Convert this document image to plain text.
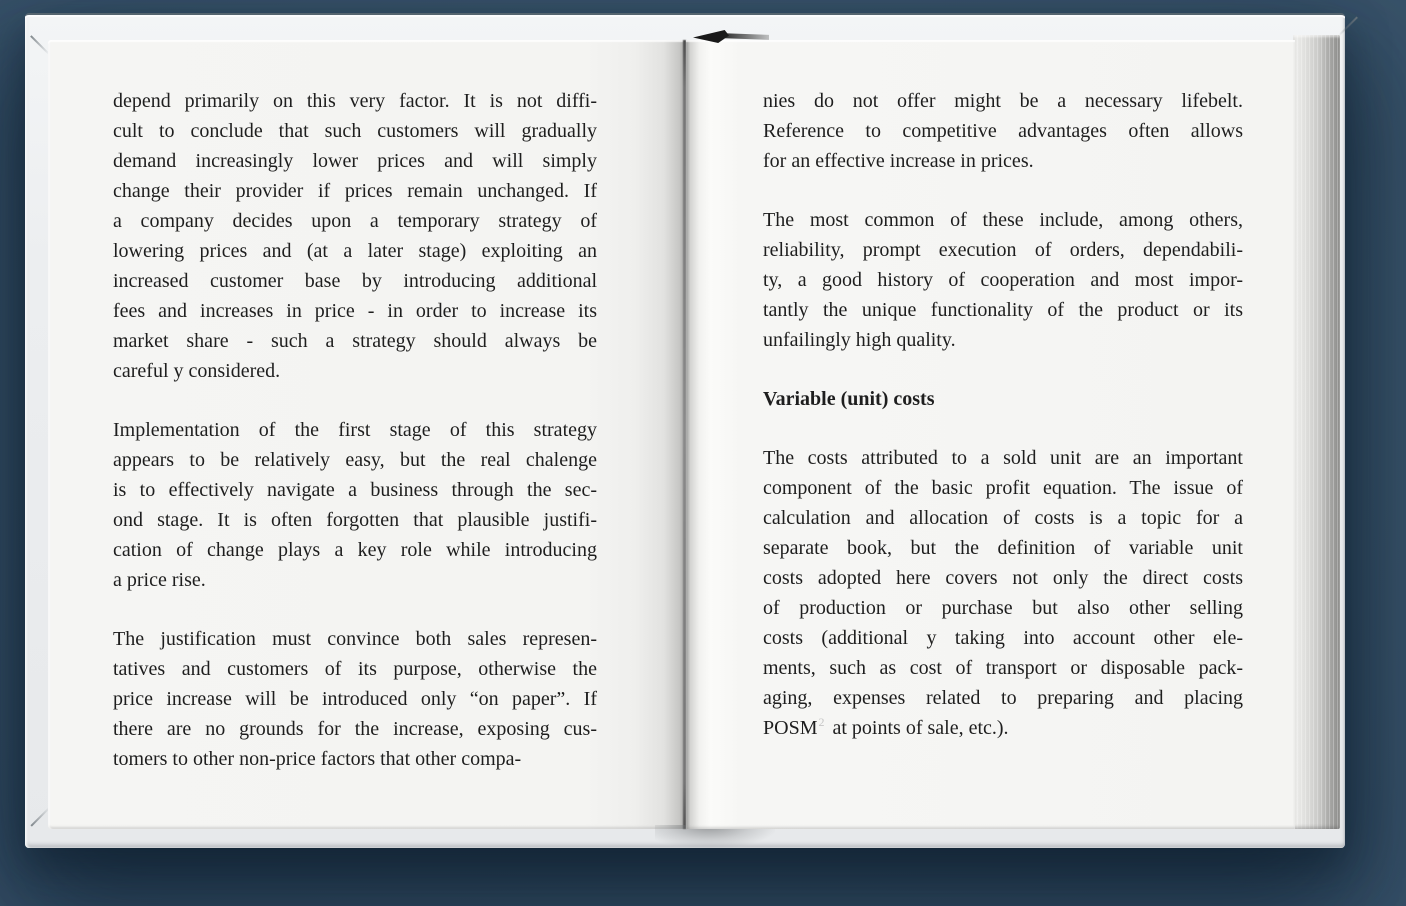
depend primarily on this very factor. It is not diffi-
cult to conclude that such customers will gradually
demand increasingly lower prices and will simply
change their provider if prices remain unchanged. If
a company decides upon a temporary strategy of
lowering prices and (at a later stage) exploiting an
increased customer base by introducing additional
fees and increases in price - in order to increase its
market share - such a strategy should always be
careful y considered.
Implementation of the first stage of this strategy
appears to be relatively easy, but the real chalenge
is to effectively navigate a business through the sec-
ond stage. It is often forgotten that plausible justifi-
cation of change plays a key role while introducing
a price rise.
The justification must convince both sales represen-
tatives and customers of its purpose, otherwise the
price increase will be introduced only “on paper”. If
there are no grounds for the increase, exposing cus-
tomers to other non-price factors that other compa-
nies do not offer might be a necessary lifebelt.
Reference to competitive advantages often allows
for an effective increase in prices.
The most common of these include, among others,
reliability, prompt execution of orders, dependabili-
ty, a good history of cooperation and most impor-
tantly the unique functionality of the product or its
unfailingly high quality.
Variable (unit) costs
The costs attributed to a sold unit are an important
component of the basic profit equation. The issue of
calculation and allocation of costs is a topic for a
separate book, but the definition of variable unit
costs adopted here covers not only the direct costs
of production or purchase but also other selling
costs (additional y taking into account other ele-
ments, such as cost of transport or disposable pack-
aging, expenses related to preparing and placing
POSM$^2$ at points of sale, etc.).
